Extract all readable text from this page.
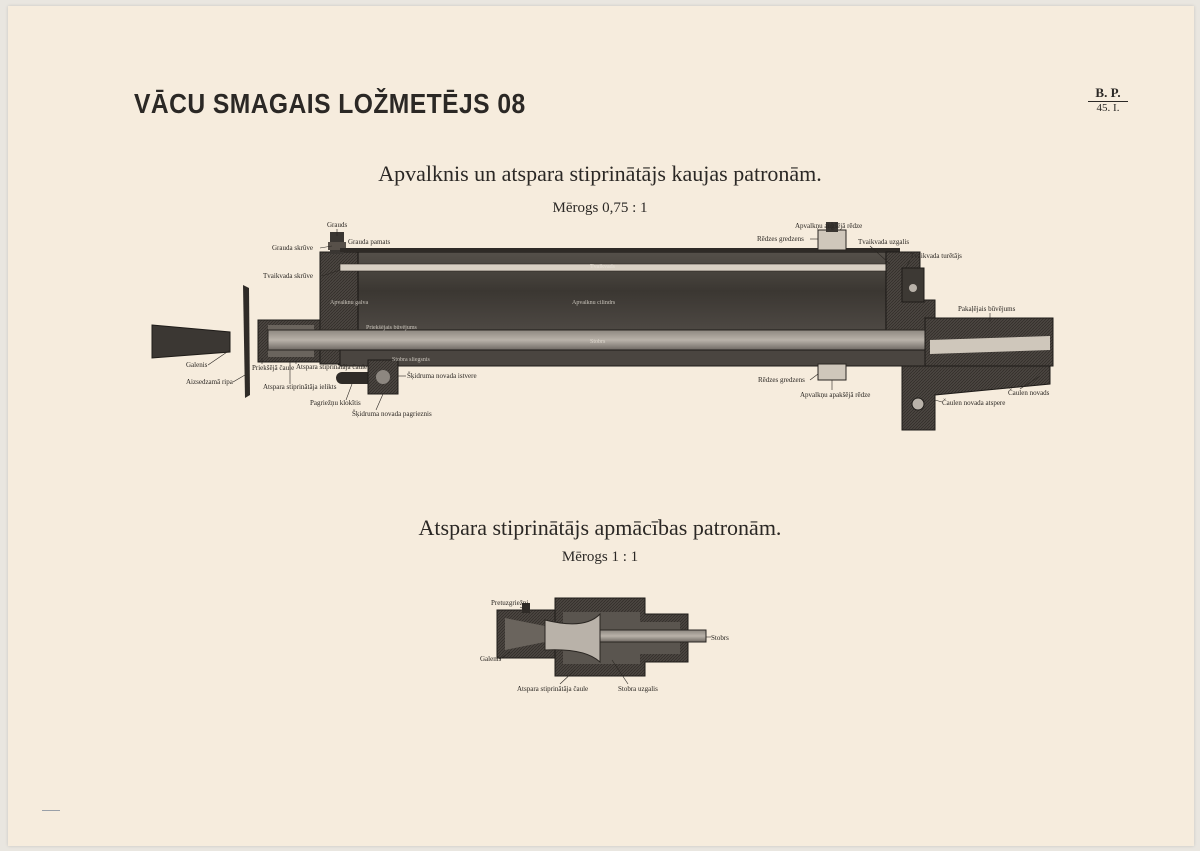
VĀCU SMAGAIS LOŽMETĒJS 08	B. P.
45. I.
Apvalknis un atspara stiprinātājs kaujas patronām.
Mērogs 0,75 : 1
Atspara stiprinātājs apmācības patronām.
Mērogs 1 : 1
Tvaikvads
Apvalknu galva	Apvalknu cilindrs
Priekšējais būvējums
Stobrs
Stobra sliegsnis
Grauds
Grauda skrūve
Grauda pamats
Tvaikvada skrūve
Galenis
Aizsedzamā ripa
Priekšējā čaule Atspara stiprinātāja čaule
Atspara stiprinātāja ielikts
Pagriežņu klokītis
Šķidruma novada pagrieznis
Šķidruma novada istvere
Apvalkņu augšējā rēdze
Rēdzes gredzens	Tvaikvada uzgalis
Tvaikvada turētājs
Pakaļējais būvējums
Rēdzes gredzens
Apvalkņu apakšējā rēdze
Čaulen novada atspere
Čaulen novads
Pretuzgriežņi
Galenis
Stobrs
Atspara stiprinātāja čaule	Stobra uzgalis
